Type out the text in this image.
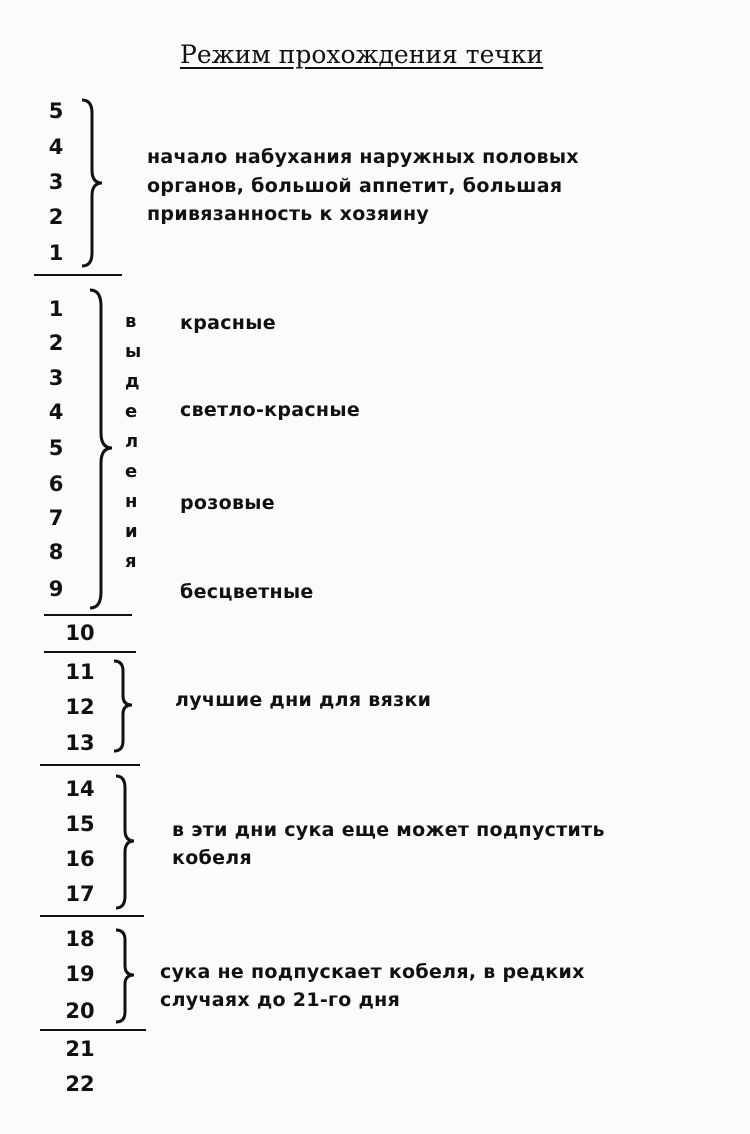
Режим прохождения течки
5
4
3
2
1
начало набухания наружных половых
органов, большой аппетит, большая
привязанность к хозяину
1
2
3
4
5
6
7
8
9
в
ы
д
е
л
е
н
и
я
красные
светло-красные
розовые
бесцветные
10
11
12
13
лучшие дни для вязки
14
15
16
17
в эти дни сука еще может подпустить
кобеля
18
19
20
сука не подпускает кобеля, в редких
случаях до 21-го дня
21
22
